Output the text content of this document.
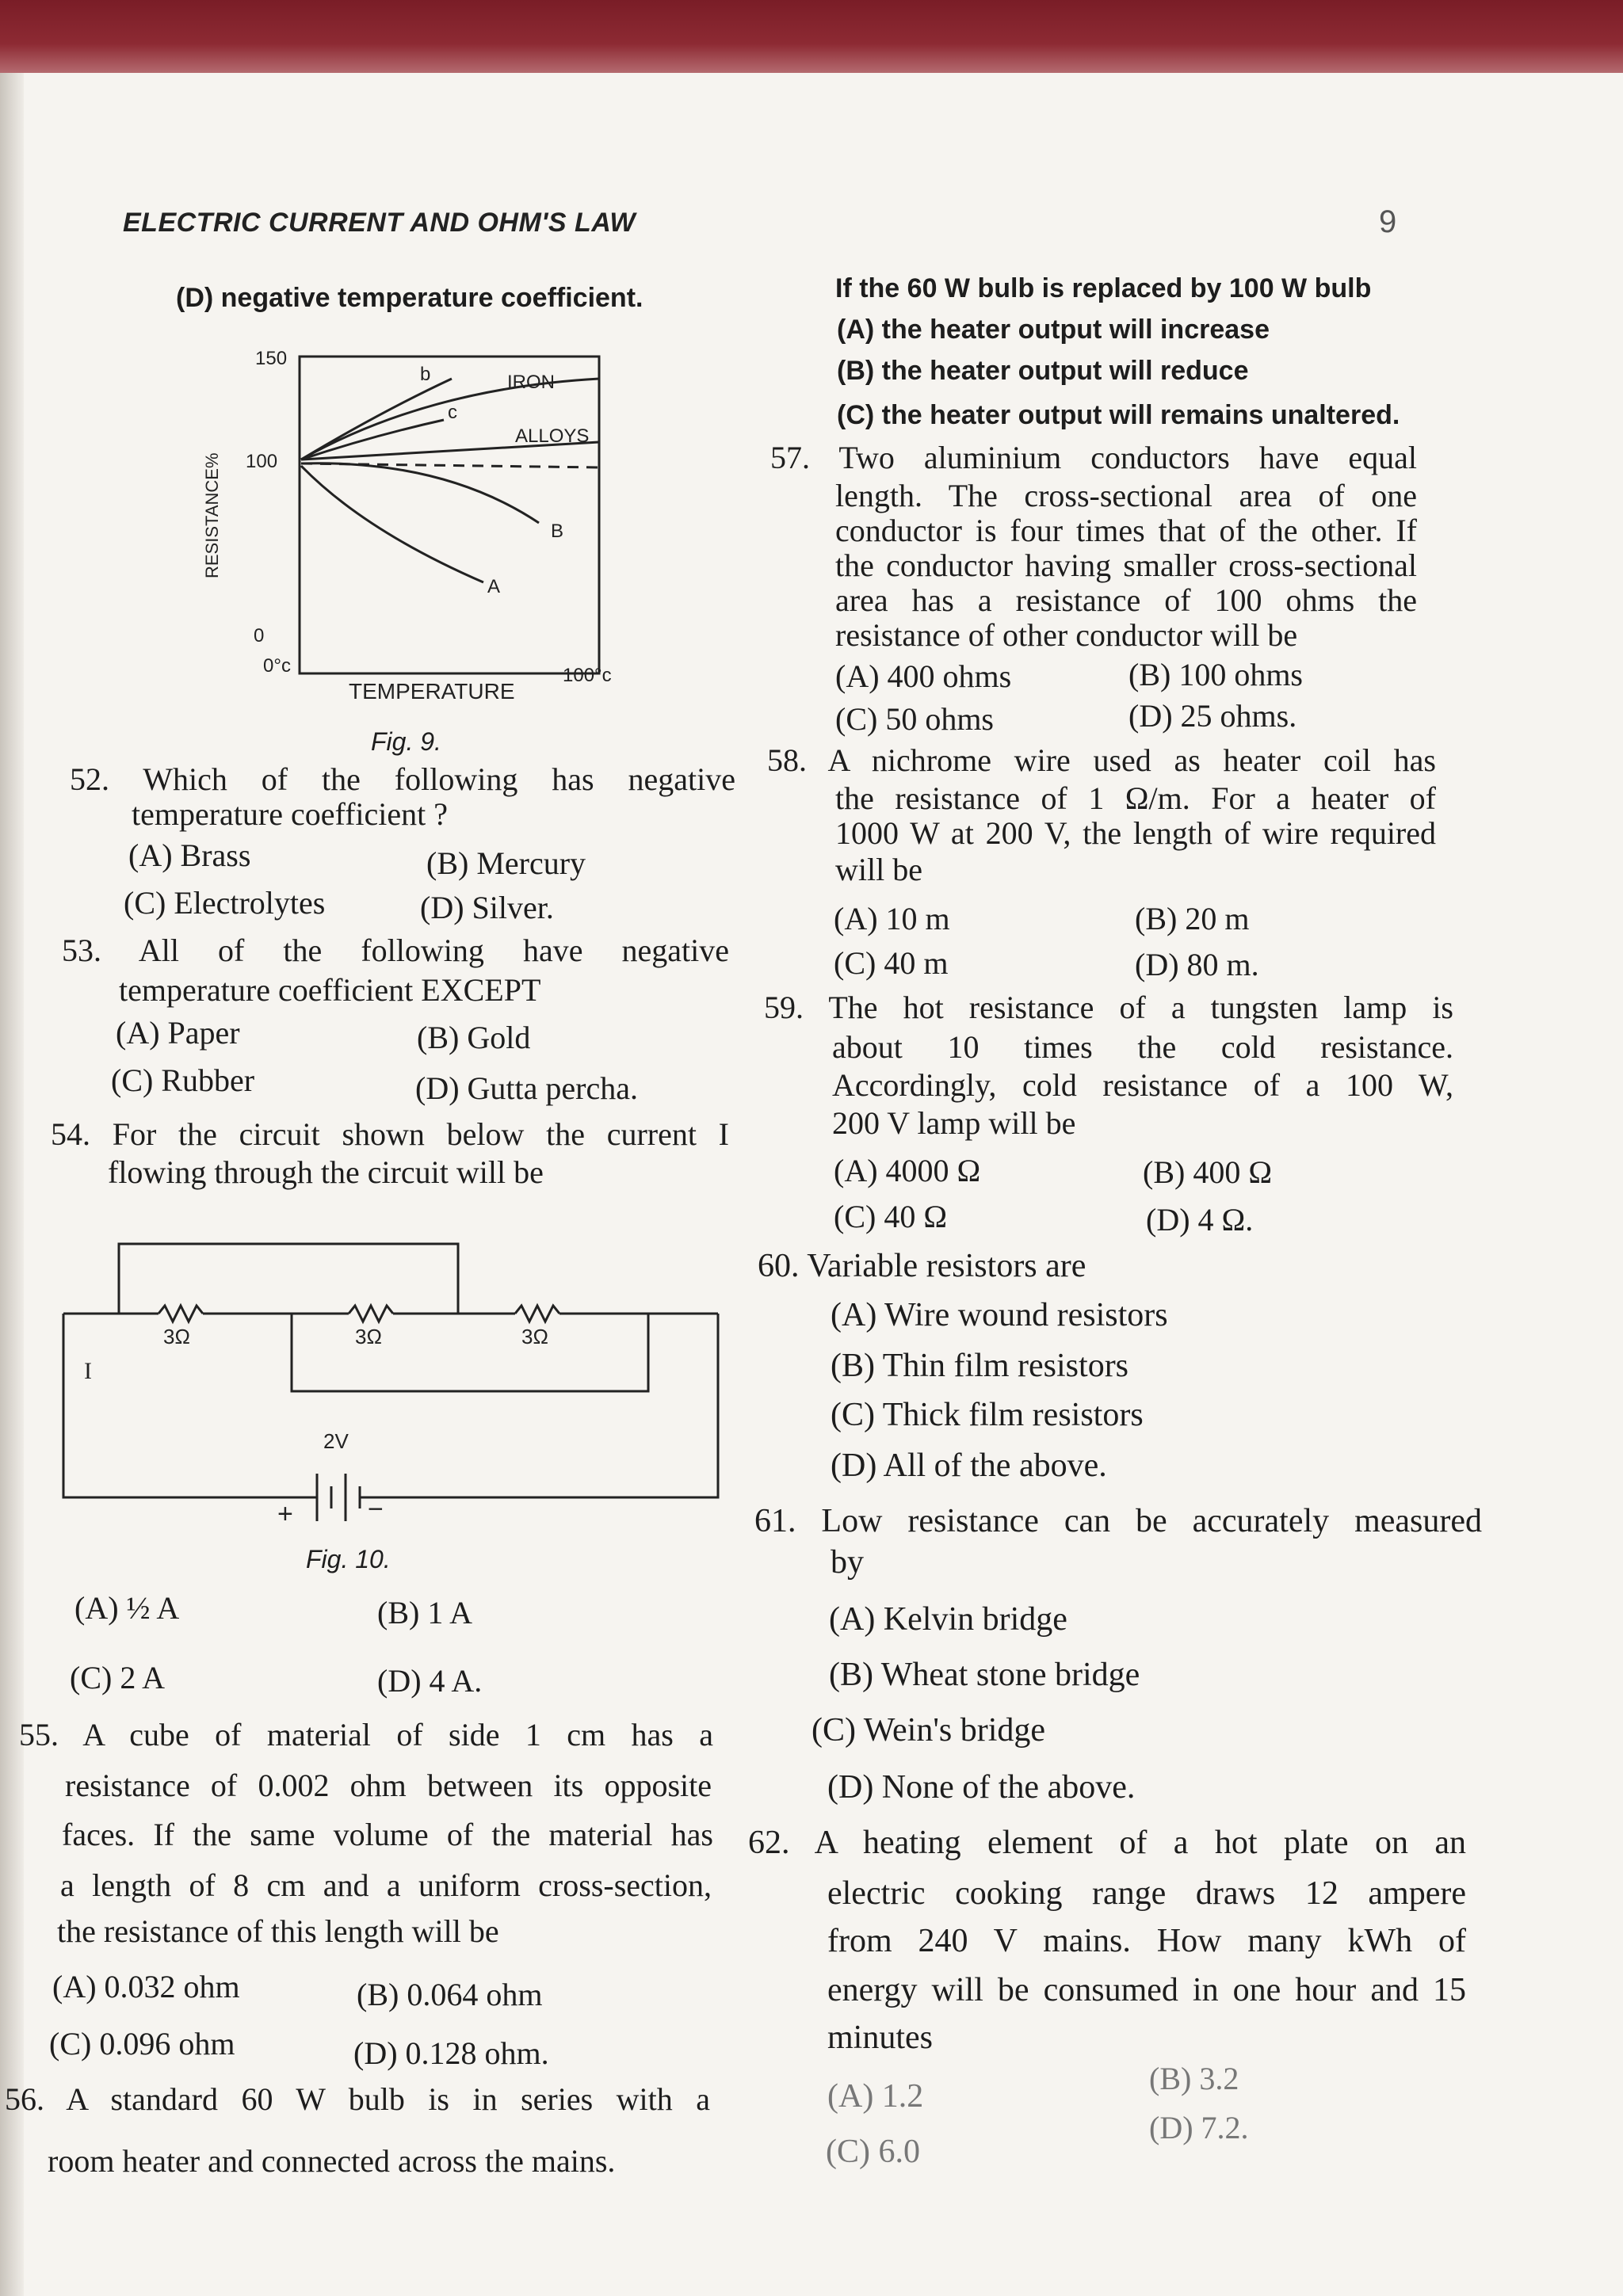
ELECTRIC CURRENT AND OHM'S LAW	9
(D) negative temperature coefficient.
RESISTANCE%
150
100
0
0°c	100°c
TEMPERATURE
b
c
IRON
ALLOYS
B
A
Fig. 9.
52. Which of the following has negative
temperature coefficient ?
(A) Brass	(B) Mercury
(C) Electrolytes	(D) Silver.
53. All of the following have negative
temperature coefficient EXCEPT
(A) Paper	(B) Gold
(C) Rubber	(D) Gutta percha.
54. For the circuit shown below the current I
flowing through the circuit will be
3Ω	3Ω	3Ω
I
2V
+	−
Fig. 10.
(A) ½ A	(B) 1 A
(C) 2 A	(D) 4 A.
55. A cube of material of side 1 cm has a
resistance of 0.002 ohm between its opposite
faces. If the same volume of the material has
a length of 8 cm and a uniform cross-section,
the resistance of this length will be
(A) 0.032 ohm	(B) 0.064 ohm
(C) 0.096 ohm	(D) 0.128 ohm.
56. A standard 60 W bulb is in series with a
room heater and connected across the mains.
If the 60 W bulb is replaced by 100 W bulb
(A) the heater output will increase
(B) the heater output will reduce
(C) the heater output will remains unaltered.
57. Two aluminium conductors have equal
length. The cross-sectional area of one
conductor is four times that of the other. If
the conductor having smaller cross-sectional
area has a resistance of 100 ohms the
resistance of other conductor will be
(A) 400 ohms	(B) 100 ohms
(C) 50 ohms	(D) 25 ohms.
58. A nichrome wire used as heater coil has
the resistance of 1 Ω/m. For a heater of
1000 W at 200 V, the length of wire required
will be
(A) 10 m	(B) 20 m
(C) 40 m	(D) 80 m.
59. The hot resistance of a tungsten lamp is
about 10 times the cold resistance.
Accordingly, cold resistance of a 100 W,
200 V lamp will be
(A) 4000 Ω	(B) 400 Ω
(C) 40 Ω	(D) 4 Ω.
60. Variable resistors are
(A) Wire wound resistors
(B) Thin film resistors
(C) Thick film resistors
(D) All of the above.
61. Low resistance can be accurately measured
by
(A) Kelvin bridge
(B) Wheat stone bridge
(C) Wein's bridge
(D) None of the above.
62. A heating element of a hot plate on an
electric cooking range draws 12 ampere
from 240 V mains. How many kWh of
energy will be consumed in one hour and 15
minutes
(A) 1.2	(B) 3.2
(C) 6.0
(D) 7.2.
